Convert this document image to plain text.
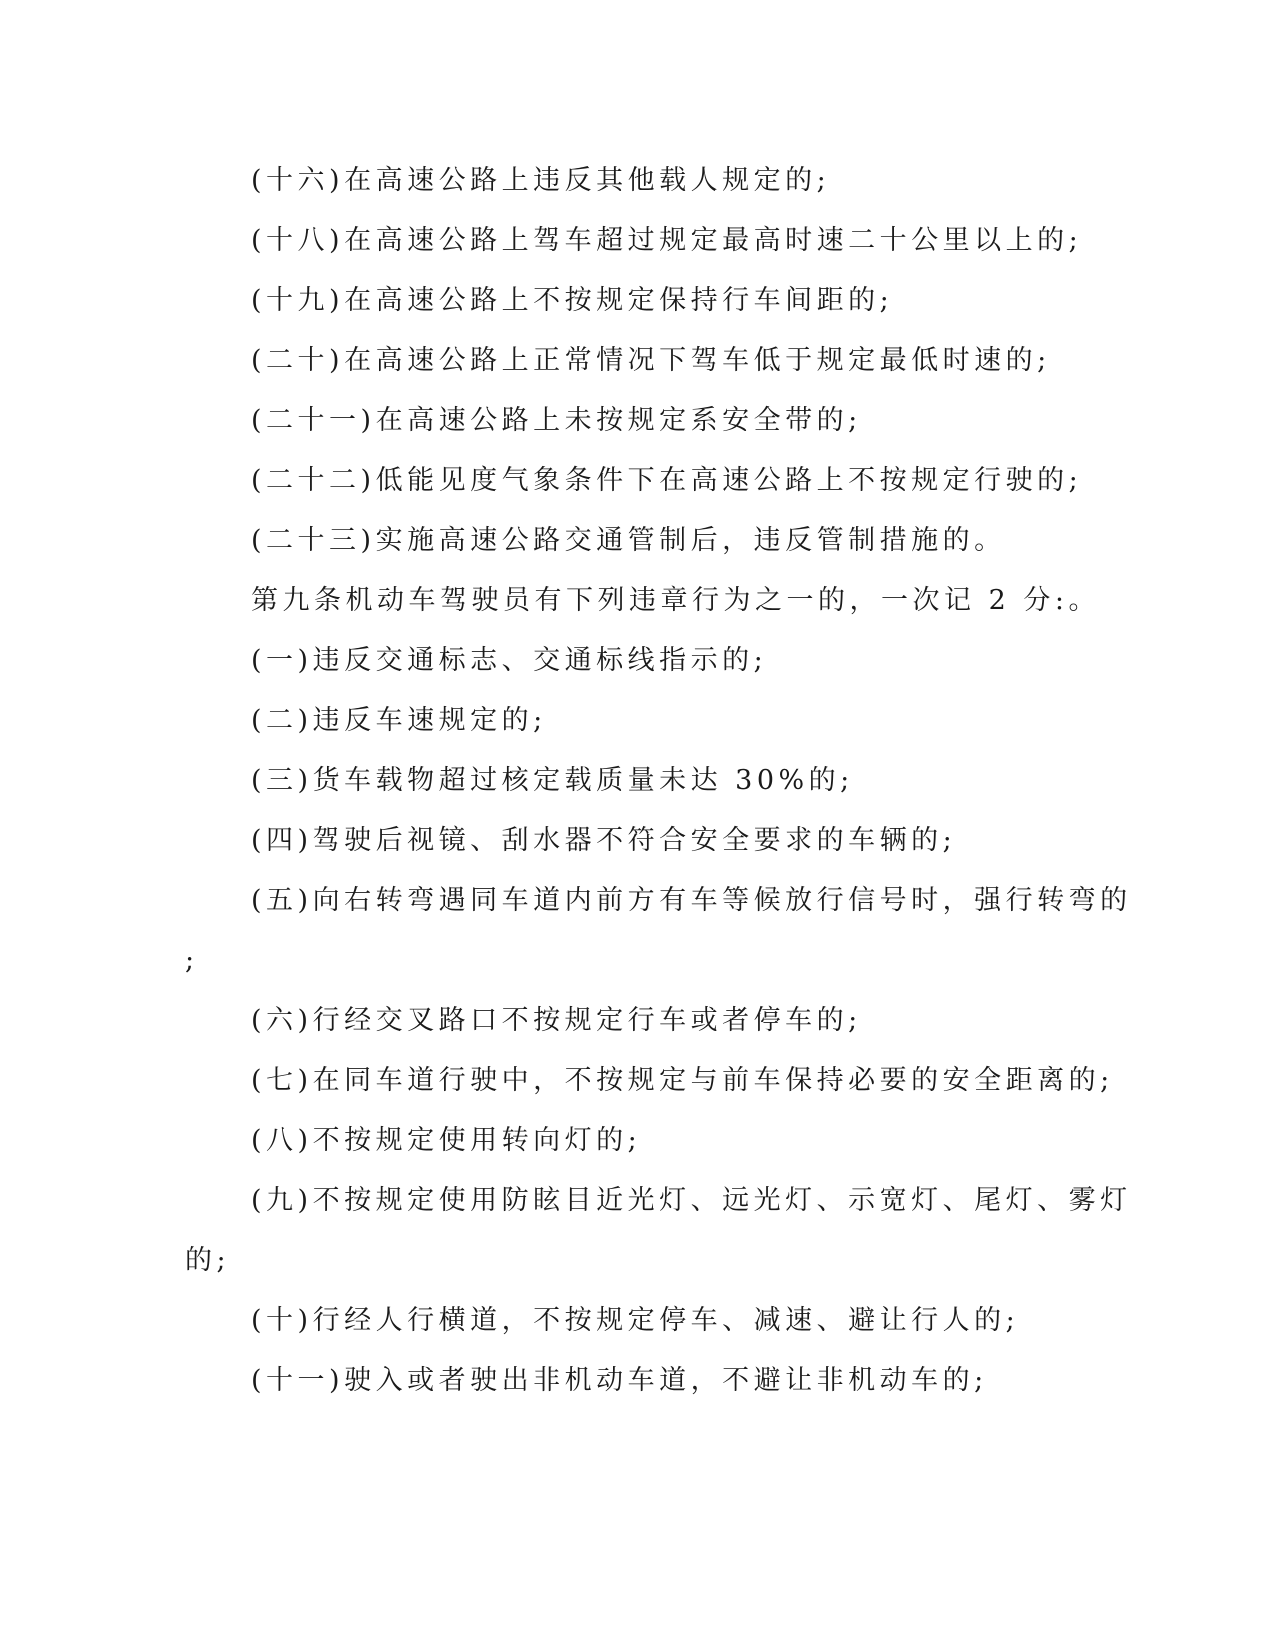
(十六)在高速公路上违反其他载人规定的;
(十八)在高速公路上驾车超过规定最高时速二十公里以上的;
(十九)在高速公路上不按规定保持行车间距的;
(二十)在高速公路上正常情况下驾车低于规定最低时速的;
(二十一)在高速公路上未按规定系安全带的;
(二十二)低能见度气象条件下在高速公路上不按规定行驶的;
(二十三)实施高速公路交通管制后，违反管制措施的。
第九条机动车驾驶员有下列违章行为之一的，一次记 2 分:。
(一)违反交通标志、交通标线指示的;
(二)违反车速规定的;
(三)货车载物超过核定载质量未达 30%的;
(四)驾驶后视镜、刮水器不符合安全要求的车辆的;
(五)向右转弯遇同车道内前方有车等候放行信号时，强行转弯的
;
(六)行经交叉路口不按规定行车或者停车的;
(七)在同车道行驶中，不按规定与前车保持必要的安全距离的;
(八)不按规定使用转向灯的;
(九)不按规定使用防眩目近光灯、远光灯、示宽灯、尾灯、雾灯
的;
(十)行经人行横道，不按规定停车、减速、避让行人的;
(十一)驶入或者驶出非机动车道，不避让非机动车的;
